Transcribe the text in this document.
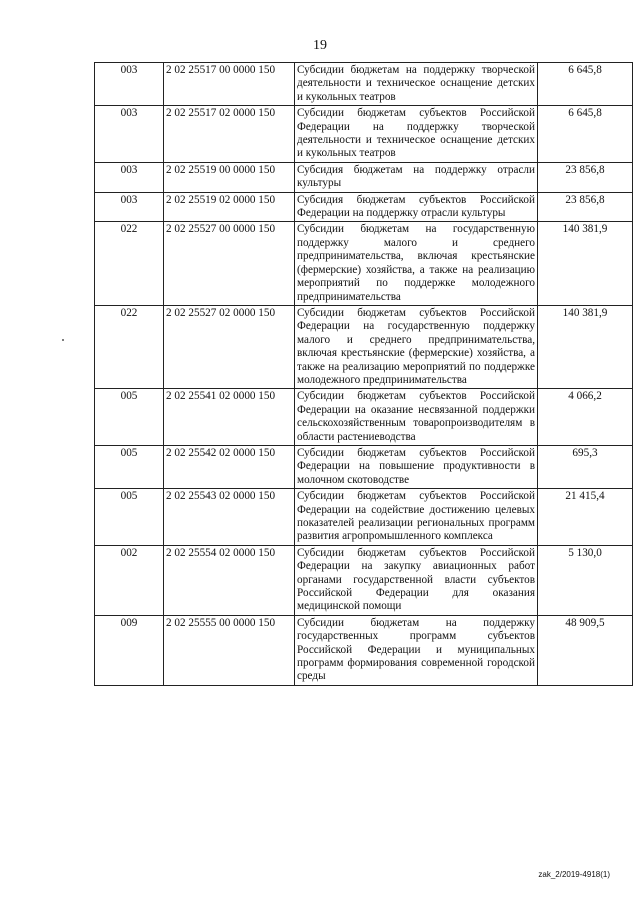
19
003	2 02 25517 00 0000 150	Субсидии бюджетам на поддержку творческой деятельности и техническое оснащение детских и кукольных театров	6 645,8
003	2 02 25517 02 0000 150	Субсидии бюджетам субъектов Российской Федерации на поддержку творческой деятельности и техническое оснащение детских и кукольных театров	6 645,8
003	2 02 25519 00 0000 150	Субсидия бюджетам на поддержку отрасли культуры	23 856,8
003	2 02 25519 02 0000 150	Субсидия бюджетам субъектов Российской Федерации на поддержку отрасли культуры	23 856,8
022	2 02 25527 00 0000 150	Субсидии бюджетам на государственную поддержку малого и среднего предпринимательства, включая крестьянские (фермерские) хозяйства, а также на реализацию мероприятий по поддержке молодежного предпринимательства	140 381,9
022	2 02 25527 02 0000 150	Субсидии бюджетам субъектов Российской Федерации на государственную поддержку малого и среднего предпринимательства, включая крестьянские (фермерские) хозяйства, а также на реализацию мероприятий по поддержке молодежного предпринимательства	140 381,9
005	2 02 25541 02 0000 150	Субсидии бюджетам субъектов Российской Федерации на оказание несвязанной поддержки сельскохозяйственным товаропроизводителям в области растениеводства	4 066,2
005	2 02 25542 02 0000 150	Субсидии бюджетам субъектов Российской Федерации на повышение продуктивности в молочном скотоводстве	695,3
005	2 02 25543 02 0000 150	Субсидии бюджетам субъектов Российской Федерации на содействие достижению целевых показателей реализации региональных программ развития агропромышленного комплекса	21 415,4
002	2 02 25554 02 0000 150	Субсидии бюджетам субъектов Российской Федерации на закупку авиационных работ органами государственной власти субъектов Российской Федерации для оказания медицинской помощи	5 130,0
009	2 02 25555 00 0000 150	Субсидии бюджетам на поддержку государственных программ субъектов Российской Федерации и муниципальных программ формирования современной городской среды	48 909,5
zak_2/2019-4918(1)
